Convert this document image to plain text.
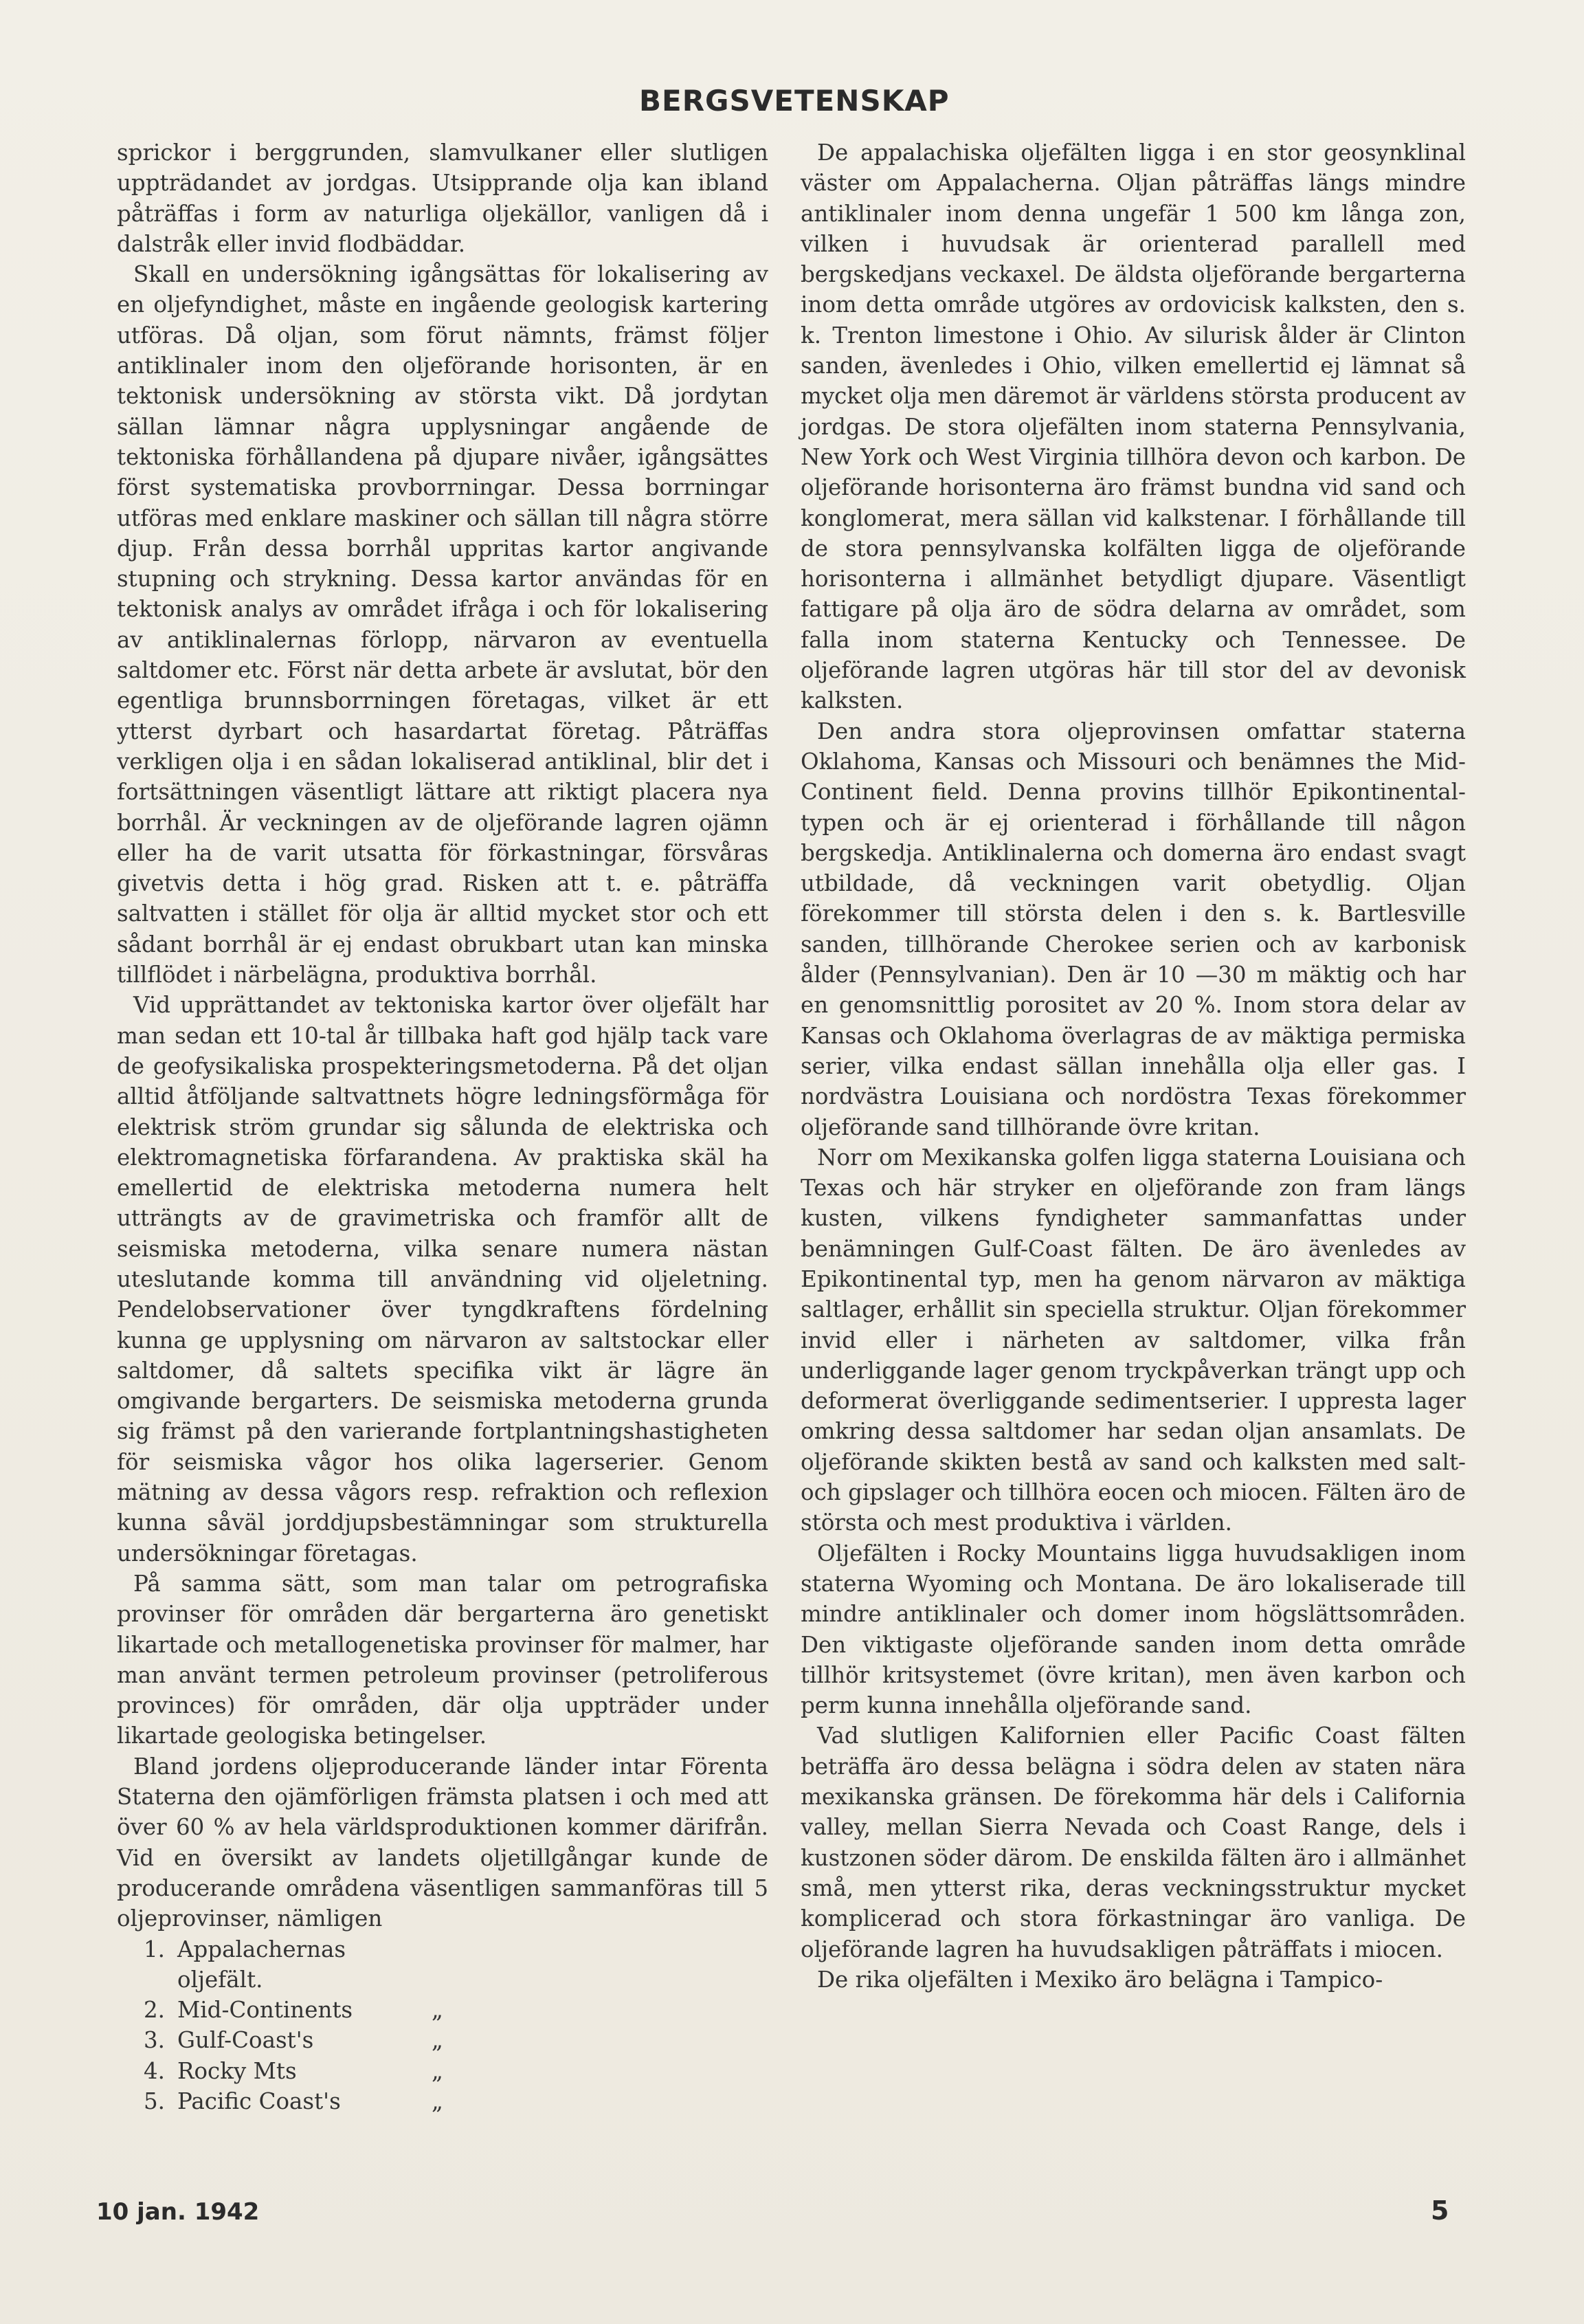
BERGSVETENSKAP

sprickor i berggrunden, slamvulkaner eller slutligen uppträdandet av jordgas. Utsipprande olja kan ibland påträffas i form av naturliga oljekällor, vanligen då i dalstråk eller invid flodbäddar.

Skall en undersökning igångsättas för lokalisering av en oljefyndighet, måste en ingående geologisk kartering utföras. Då oljan, som förut nämnts, främst följer antiklinaler inom den oljeförande horisonten, är en tektonisk undersökning av största vikt. Då jordytan sällan lämnar några upplysningar angående de tektoniska förhållandena på djupare nivåer, igångsättes först systematiska provborrningar. Dessa borrningar utföras med enklare maskiner och sällan till några större djup. Från dessa borrhål uppritas kartor angivande stupning och strykning. Dessa kartor användas för en tektonisk analys av området ifråga i och för lokalisering av antiklinalernas förlopp, närvaron av eventuella saltdomer etc. Först när detta arbete är avslutat, bör den egentliga brunnsborrningen företagas, vilket är ett ytterst dyrbart och hasardartat företag. Påträffas verkligen olja i en sådan lokaliserad antiklinal, blir det i fortsättningen väsentligt lättare att riktigt placera nya borrhål. Är veckningen av de oljeförande lagren ojämn eller ha de varit utsatta för förkastningar, försvåras givetvis detta i hög grad. Risken att t. e. påträffa saltvatten i stället för olja är alltid mycket stor och ett sådant borrhål är ej endast obrukbart utan kan minska tillflödet i närbelägna, produktiva borrhål.

Vid upprättandet av tektoniska kartor över oljefält har man sedan ett 10-tal år tillbaka haft god hjälp tack vare de geofysikaliska prospekteringsmetoderna. På det oljan alltid åtföljande saltvattnets högre ledningsförmåga för elektrisk ström grundar sig sålunda de elektriska och elektromagnetiska förfarandena. Av praktiska skäl ha emellertid de elektriska metoderna numera helt utträngts av de gravimetriska och framför allt de seismiska metoderna, vilka senare numera nästan uteslutande komma till användning vid oljeletning. Pendelobservationer över tyngdkraftens fördelning kunna ge upplysning om närvaron av saltstockar eller saltdomer, då saltets specifika vikt är lägre än omgivande bergarters. De seismiska metoderna grunda sig främst på den varierande fortplantningshastigheten för seismiska vågor hos olika lagerserier. Genom mätning av dessa vågors resp. refraktion och reflexion kunna såväl jorddjupsbestämningar som strukturella undersökningar företagas.

På samma sätt, som man talar om petrografiska provinser för områden där bergarterna äro genetiskt likartade och metallogenetiska provinser för malmer, har man använt termen petroleum provinser (petroliferous provinces) för områden, där olja uppträder under likartade geologiska betingelser.

Bland jordens oljeproducerande länder intar Förenta Staterna den ojämförligen främsta platsen i och med att över 60 % av hela världsproduktionen kommer därifrån. Vid en översikt av landets oljetillgångar kunde de producerande områdena väsentligen sammanföras till 5 oljeprovinser, nämligen

1. Appalachernas oljefält.
2. Mid-Continents	„
3. Gulf-Coast's	„
4. Rocky Mts	„
5. Pacific Coast's	„

De appalachiska oljefälten ligga i en stor geosynklinal väster om Appalacherna. Oljan påträffas längs mindre antiklinaler inom denna ungefär 1 500 km långa zon, vilken i huvudsak är orienterad parallell med bergskedjans veckaxel. De äldsta oljeförande bergarterna inom detta område utgöres av ordovicisk kalksten, den s. k. Trenton limestone i Ohio. Av silurisk ålder är Clinton sanden, ävenledes i Ohio, vilken emellertid ej lämnat så mycket olja men däremot är världens största producent av jordgas. De stora oljefälten inom staterna Pennsylvania, New York och West Virginia tillhöra devon och karbon. De oljeförande horisonterna äro främst bundna vid sand och konglomerat, mera sällan vid kalkstenar. I förhållande till de stora pennsylvanska kolfälten ligga de oljeförande horisonterna i allmänhet betydligt djupare. Väsentligt fattigare på olja äro de södra delarna av området, som falla inom staterna Kentucky och Tennessee. De oljeförande lagren utgöras här till stor del av devonisk kalksten.

Den andra stora oljeprovinsen omfattar staterna Oklahoma, Kansas och Missouri och benämnes the Mid-Continent field. Denna provins tillhör Epikontinental-typen och är ej orienterad i förhållande till någon bergskedja. Antiklinalerna och domerna äro endast svagt utbildade, då veckningen varit obetydlig. Oljan förekommer till största delen i den s. k. Bartlesville sanden, tillhörande Cherokee serien och av karbonisk ålder (Pennsylvanian). Den är 10 —30 m mäktig och har en genomsnittlig porositet av 20 %. Inom stora delar av Kansas och Oklahoma överlagras de av mäktiga permiska serier, vilka endast sällan innehålla olja eller gas. I nordvästra Louisiana och nordöstra Texas förekommer oljeförande sand tillhörande övre kritan.

Norr om Mexikanska golfen ligga staterna Louisiana och Texas och här stryker en oljeförande zon fram längs kusten, vilkens fyndigheter sammanfattas under benämningen Gulf-Coast fälten. De äro ävenledes av Epikontinental typ, men ha genom närvaron av mäktiga saltlager, erhållit sin speciella struktur. Oljan förekommer invid eller i närheten av saltdomer, vilka från underliggande lager genom tryckpåverkan trängt upp och deformerat överliggande sedimentserier. I uppresta lager omkring dessa saltdomer har sedan oljan ansamlats. De oljeförande skikten bestå av sand och kalksten med salt- och gipslager och tillhöra eocen och miocen. Fälten äro de största och mest produktiva i världen.

Oljefälten i Rocky Mountains ligga huvudsakligen inom staterna Wyoming och Montana. De äro lokaliserade till mindre antiklinaler och domer inom högslättsområden. Den viktigaste oljeförande sanden inom detta område tillhör kritsystemet (övre kritan), men även karbon och perm kunna innehålla oljeförande sand.

Vad slutligen Kalifornien eller Pacific Coast fälten beträffa äro dessa belägna i södra delen av staten nära mexikanska gränsen. De förekomma här dels i California valley, mellan Sierra Nevada och Coast Range, dels i kustzonen söder därom. De enskilda fälten äro i allmänhet små, men ytterst rika, deras veckningsstruktur mycket komplicerad och stora förkastningar äro vanliga. De oljeförande lagren ha huvudsakligen påträffats i miocen.

De rika oljefälten i Mexiko äro belägna i Tampico-

10 jan. 1942	5
